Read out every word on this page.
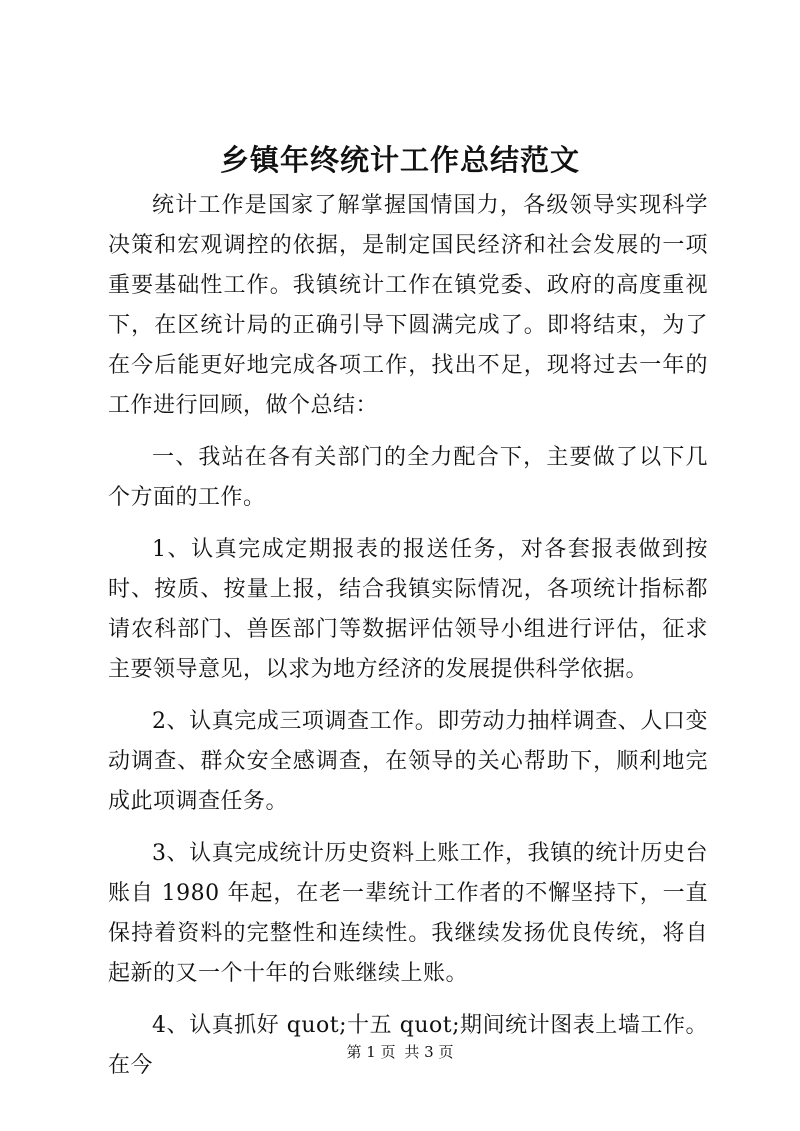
乡镇年终统计工作总结范文

统计工作是国家了解掌握国情国力，各级领导实现科学决策和宏观调控的依据，是制定国民经济和社会发展的一项重要基础性工作。我镇统计工作在镇党委、政府的高度重视下，在区统计局的正确引导下圆满完成了。即将结束，为了在今后能更好地完成各项工作，找出不足，现将过去一年的工作进行回顾，做个总结：

一、我站在各有关部门的全力配合下，主要做了以下几个方面的工作。

1、认真完成定期报表的报送任务，对各套报表做到按时、按质、按量上报，结合我镇实际情况，各项统计指标都请农科部门、兽医部门等数据评估领导小组进行评估，征求主要领导意见，以求为地方经济的发展提供科学依据。

2、认真完成三项调查工作。即劳动力抽样调查、人口变动调查、群众安全感调查，在领导的关心帮助下，顺利地完成此项调查任务。

3、认真完成统计历史资料上账工作，我镇的统计历史台账自 1980 年起，在老一辈统计工作者的不懈坚持下，一直保持着资料的完整性和连续性。我继续发扬优良传统，将自起新的又一个十年的台账继续上账。

4、认真抓好 quot;十五 quot;期间统计图表上墙工作。在今

第 1 页 共 3 页
